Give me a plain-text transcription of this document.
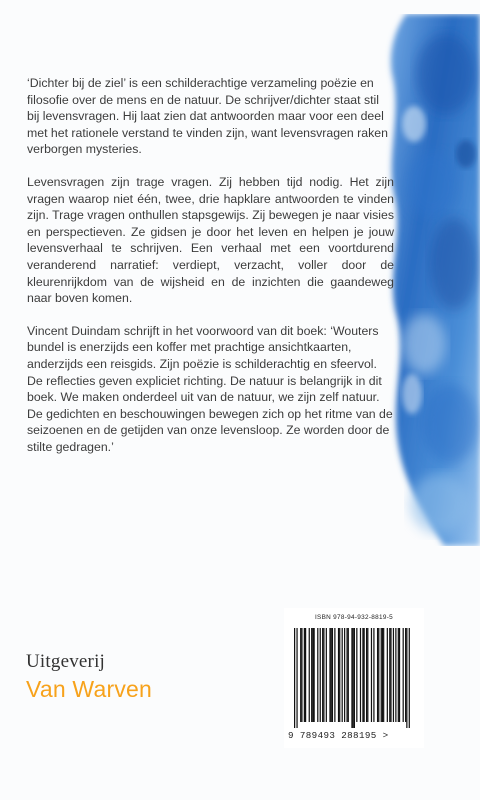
‘Dichter bij de ziel’ is een schilderachtige verzameling poëzie en filosofie over de mens en de natuur. De schrijver/dichter staat stil bij levensvragen. Hij laat zien dat antwoorden maar voor een deel met het rationele verstand te vinden zijn, want levensvragen raken verborgen mysteries.

Levensvragen zijn trage vragen. Zij hebben tijd nodig. Het zijn vragen waarop niet één, twee, drie hapklare antwoorden te vinden zijn. Trage vragen onthullen stapsgewijs. Zij bewegen je naar visies en perspectieven. Ze gidsen je door het leven en helpen je jouw levensverhaal te schrijven. Een verhaal met een voortdurend veranderend narratief: verdiept, verzacht, voller door de kleurenrijkdom van de wijsheid en de inzichten die gaandeweg naar boven komen.

Vincent Duindam schrijft in het voorwoord van dit boek: ‘Wouters bundel is enerzijds een koffer met prachtige ansichtkaarten, anderzijds een reisgids. Zijn poëzie is schilderachtig en sfeervol. De reflecties geven expliciet richting. De natuur is belangrijk in dit boek. We maken onderdeel uit van de natuur, we zijn zelf natuur. De gedichten en beschouwingen bewegen zich op het ritme van de seizoenen en de getijden van onze levensloop. Ze worden door de stilte gedragen.’

Uitgeverij
Van Warven
ISBN 978-94-932-8819-5
9 789493 288195 >
